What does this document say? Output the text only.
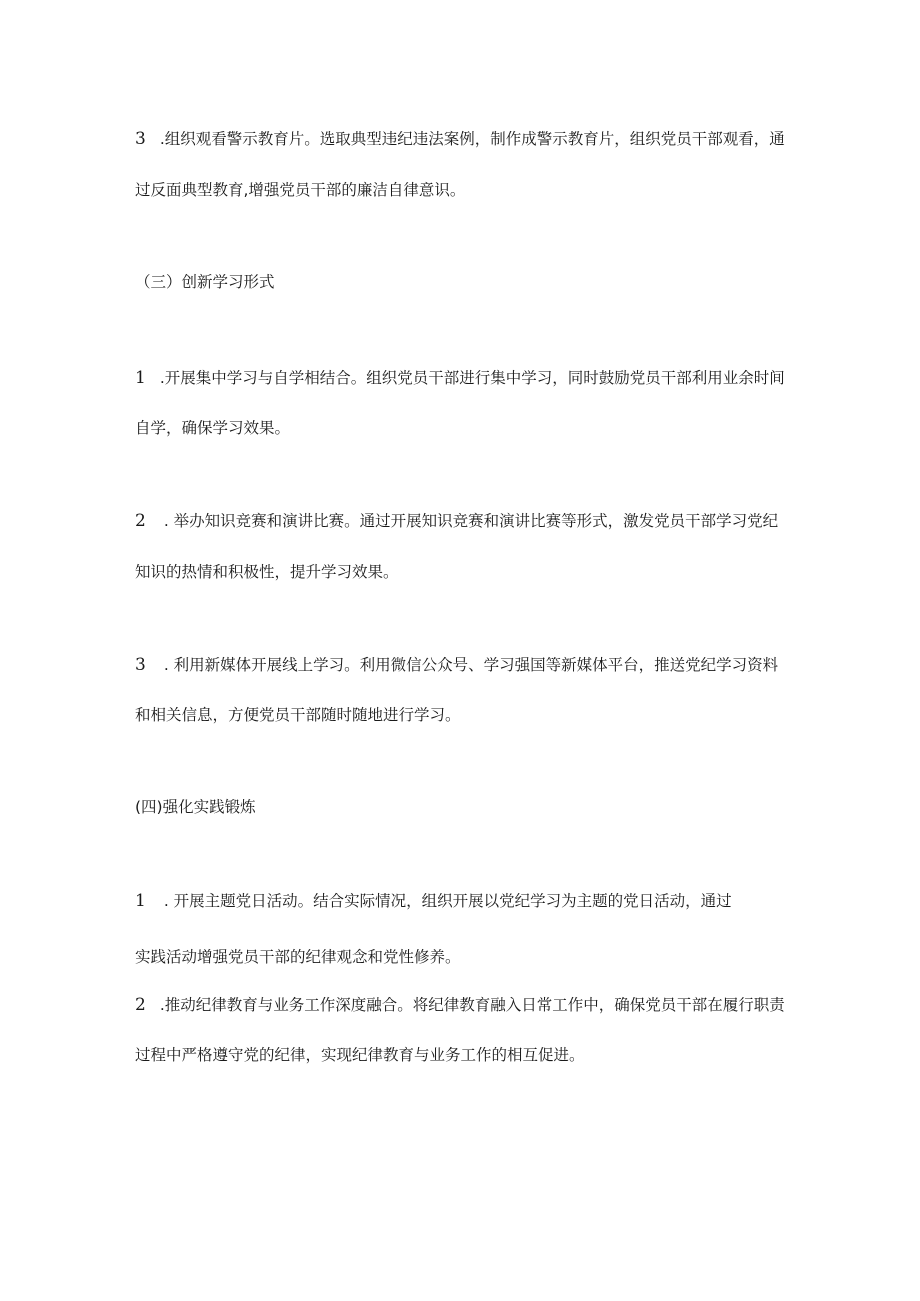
3 .组织观看警示教育片。选取典型违纪违法案例，制作成警示教育片，组织党员干部观看，通
过反面典型教育,增强党员干部的廉洁自律意识。
（三）创新学习形式
1 .开展集中学习与自学相结合。组织党员干部进行集中学习，同时鼓励党员干部利用业余时间
自学，确保学习效果。
2 . 举办知识竞赛和演讲比赛。通过开展知识竞赛和演讲比赛等形式，激发党员干部学习党纪
知识的热情和积极性，提升学习效果。
3 . 利用新媒体开展线上学习。利用微信公众号、学习强国等新媒体平台，推送党纪学习资料
和相关信息，方便党员干部随时随地进行学习。
(四)强化实践锻炼
1 . 开展主题党日活动。结合实际情况，组织开展以党纪学习为主题的党日活动，通过
实践活动增强党员干部的纪律观念和党性修养。
2 .推动纪律教育与业务工作深度融合。将纪律教育融入日常工作中，确保党员干部在履行职责
过程中严格遵守党的纪律，实现纪律教育与业务工作的相互促进。
